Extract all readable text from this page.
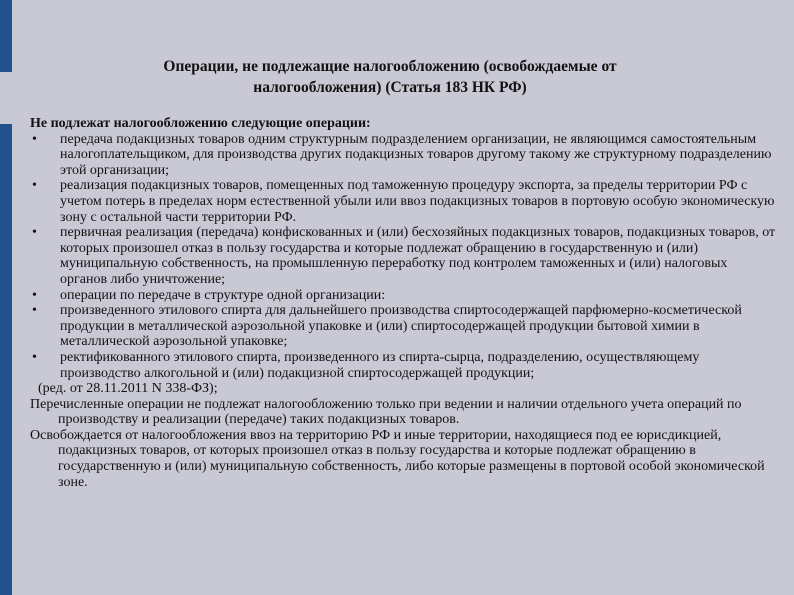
Операции, не подлежащие налогообложению (освобождаемые от
налогообложения) (Статья 183 НК РФ)

Не подлежат налогообложению следующие операции:

• передача подакцизных товаров одним структурным подразделением организации, не являющимся самостоятельным налогоплательщиком, для производства других подакцизных товаров другому такому же структурному подразделению этой организации;
• реализация подакцизных товаров, помещенных под таможенную процедуру экспорта, за пределы территории РФ с учетом потерь в пределах норм естественной убыли или ввоз подакцизных товаров в портовую особую экономическую зону с остальной части территории РФ.
• первичная реализация (передача) конфискованных и (или) бесхозяйных подакцизных товаров, подакцизных товаров, от которых произошел отказ в пользу государства и которые подлежат обращению в государственную и (или) муниципальную собственность, на промышленную переработку под контролем таможенных и (или) налоговых органов либо уничтожение;
• операции по передаче в структуре одной организации:
• произведенного этилового спирта для дальнейшего производства спиртосодержащей парфюмерно-косметической продукции в металлической аэрозольной упаковке и (или) спиртосодержащей продукции бытовой химии в металлической аэрозольной упаковке;
• ректификованного этилового спирта, произведенного из спирта-сырца, подразделению, осуществляющему производство алкогольной и (или) подакцизной спиртосодержащей продукции;

(ред. от 28.11.2011 N 338-ФЗ);

Перечисленные операции не подлежат налогообложению только при ведении и наличии отдельного учета операций по производству и реализации (передаче) таких подакцизных товаров.

Освобождается от налогообложения ввоз на территорию РФ и иные территории, находящиеся под ее юрисдикцией, подакцизных товаров, от которых произошел отказ в пользу государства и которые подлежат обращению в государственную и (или) муниципальную собственность, либо которые размещены в портовой особой экономической зоне.
